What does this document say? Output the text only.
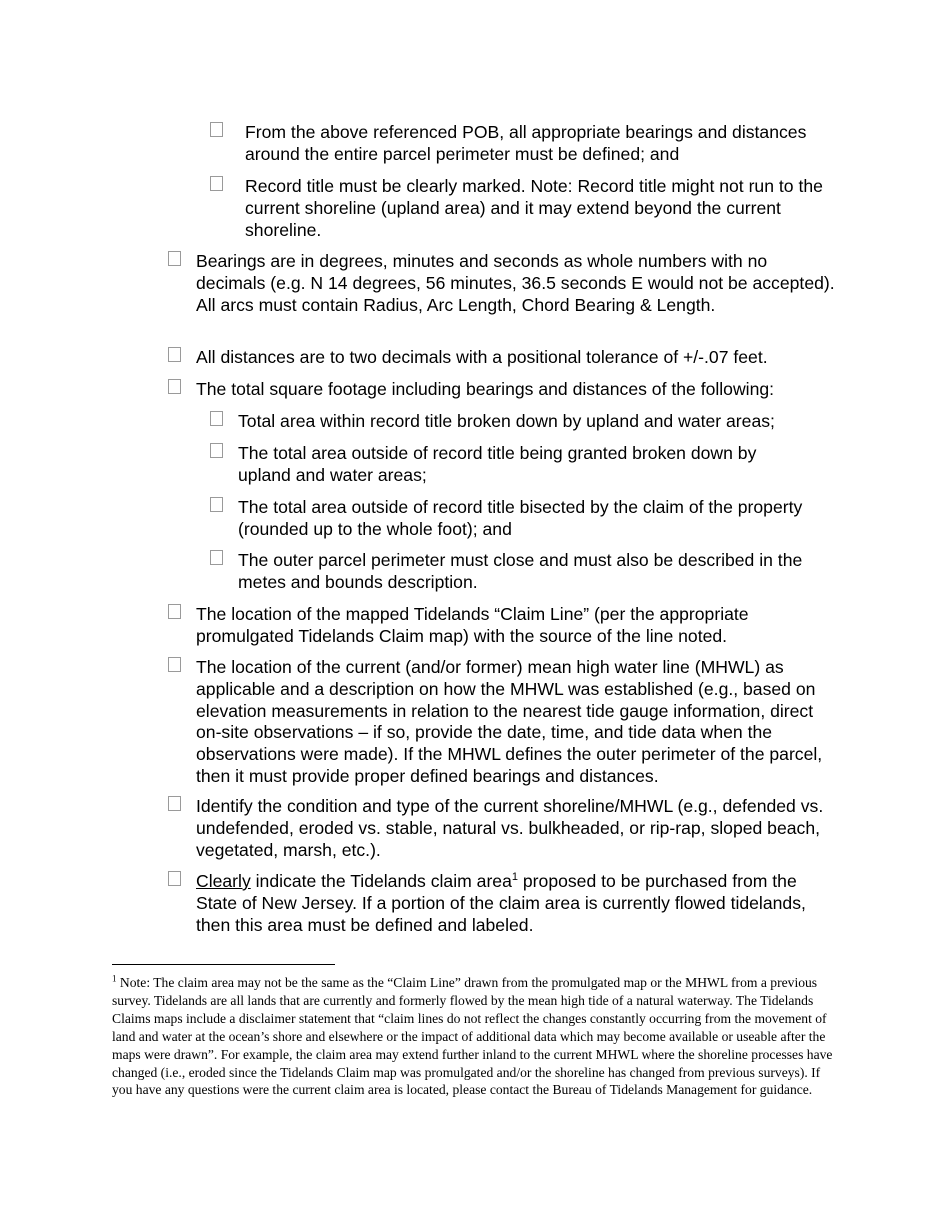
From the above referenced POB, all appropriate bearings and distances around the entire parcel perimeter must be defined; and
Record title must be clearly marked. Note: Record title might not run to the current shoreline (upland area) and it may extend beyond the current shoreline.
Bearings are in degrees, minutes and seconds as whole numbers with no decimals (e.g. N 14 degrees, 56 minutes, 36.5 seconds E would not be accepted). All arcs must contain Radius, Arc Length, Chord Bearing & Length.
All distances are to two decimals with a positional tolerance of +/-.07 feet.
The total square footage including bearings and distances of the following:
Total area within record title broken down by upland and water areas;
The total area outside of record title being granted broken down by upland and water areas;
The total area outside of record title bisected by the claim of the property (rounded up to the whole foot); and
The outer parcel perimeter must close and must also be described in the metes and bounds description.
The location of the mapped Tidelands “Claim Line” (per the appropriate promulgated Tidelands Claim map) with the source of the line noted.
The location of the current (and/or former) mean high water line (MHWL) as applicable and a description on how the MHWL was established (e.g., based on elevation measurements in relation to the nearest tide gauge information, direct on-site observations – if so, provide the date, time, and tide data when the observations were made). If the MHWL defines the outer perimeter of the parcel, then it must provide proper defined bearings and distances.
Identify the condition and type of the current shoreline/MHWL (e.g., defended vs. undefended, eroded vs. stable, natural vs. bulkheaded, or rip-rap, sloped beach, vegetated, marsh, etc.).
Clearly indicate the Tidelands claim area$^1$ proposed to be purchased from the State of New Jersey. If a portion of the claim area is currently flowed tidelands, then this area must be defined and labeled.
$^1$ Note: The claim area may not be the same as the “Claim Line” drawn from the promulgated map or the MHWL from a previous survey. Tidelands are all lands that are currently and formerly flowed by the mean high tide of a natural waterway. The Tidelands Claims maps include a disclaimer statement that “claim lines do not reflect the changes constantly occurring from the movement of land and water at the ocean’s shore and elsewhere or the impact of additional data which may become available or useable after the maps were drawn”. For example, the claim area may extend further inland to the current MHWL where the shoreline processes have changed (i.e., eroded since the Tidelands Claim map was promulgated and/or the shoreline has changed from previous surveys). If you have any questions were the current claim area is located, please contact the Bureau of Tidelands Management for guidance.
